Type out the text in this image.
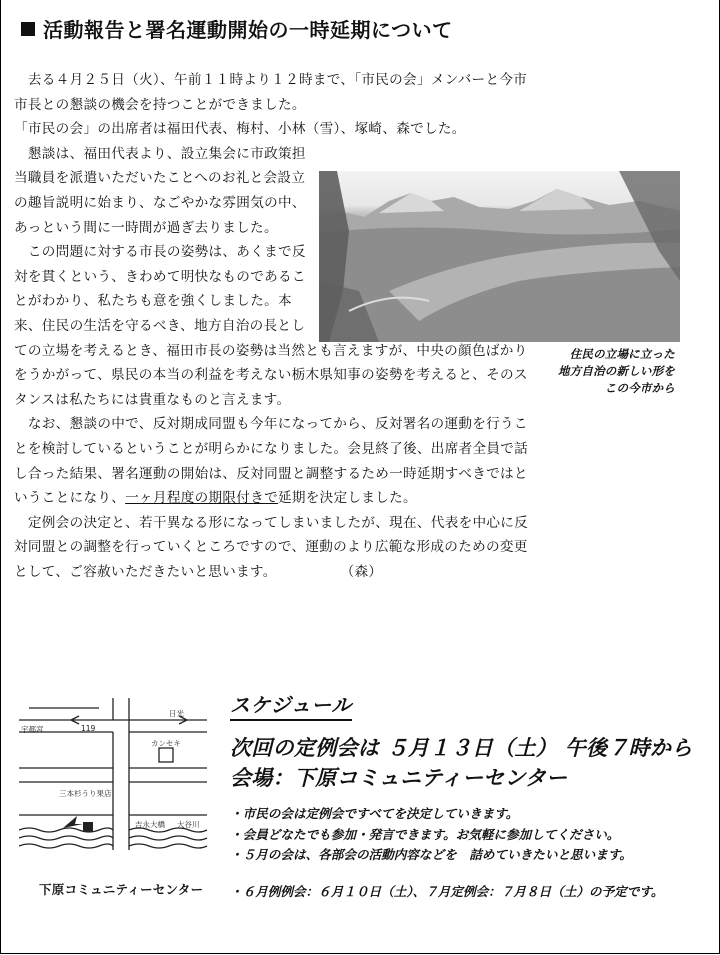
活動報告と署名運動開始の一時延期について

　去る４月２５日（火）、午前１１時より１２時まで、「市民の会」メンバーと今市市長との懇談の機会を持つことができました。

「市民の会」の出席者は福田代表、梅村、小林（雪）、塚崎、森でした。

　懇談は、福田代表より、設立集会に市政策担当職員を派遣いただいたことへのお礼と会設立の趣旨説明に始まり、なごやかな雰囲気の中、あっという間に一時間が過ぎ去りました。

　この問題に対する市長の姿勢は、あくまで反対を貫くという、きわめて明快なものであることがわかり、私たちも意を強くしました。本来、住民の生活を守るべき、地方自治の長としての立場を考えるとき、福田市長の姿勢は当然とも言えますが、中央の顔色ばかりをうかがって、県民の本当の利益を考えない栃木県知事の姿勢を考えると、そのスタンスは私たちには貴重なものと言えます。

　なお、懇談の中で、反対期成同盟も今年になってから、反対署名の運動を行うことを検討しているということが明らかになりました。会見終了後、出席者全員で話し合った結果、署名運動の開始は、反対同盟と調整するため一時延期すべきではということになり、一ヶ月程度の期限付きで延期を決定しました。

　定例会の決定と、若干異なる形になってしまいましたが、現在、代表を中心に反対同盟との調整を行っていくところですので、運動のより広範な形成のための変更として、ご容赦いただきたいと思います。	（森）

住民の立場に立った
地方自治の新しい形を
この今市から
宇都宮	119
日光
カンセキ
三本杉うり果店
吉永大橋 大谷川
下原コミュニティーセンター
スケジュール
次回の定例会は ５月１３日（土） 午後７時から
会場：下原コミュニティーセンター
・市民の会は定例会ですべてを決定していきます。
・会員どなたでも参加・発言できます。お気軽に参加してください。
・５月の会は、各部会の活動内容などを　詰めていきたいと思います。
・６月例例会：６月１０日（土）、７月定例会：７月８日（土）の予定です。
